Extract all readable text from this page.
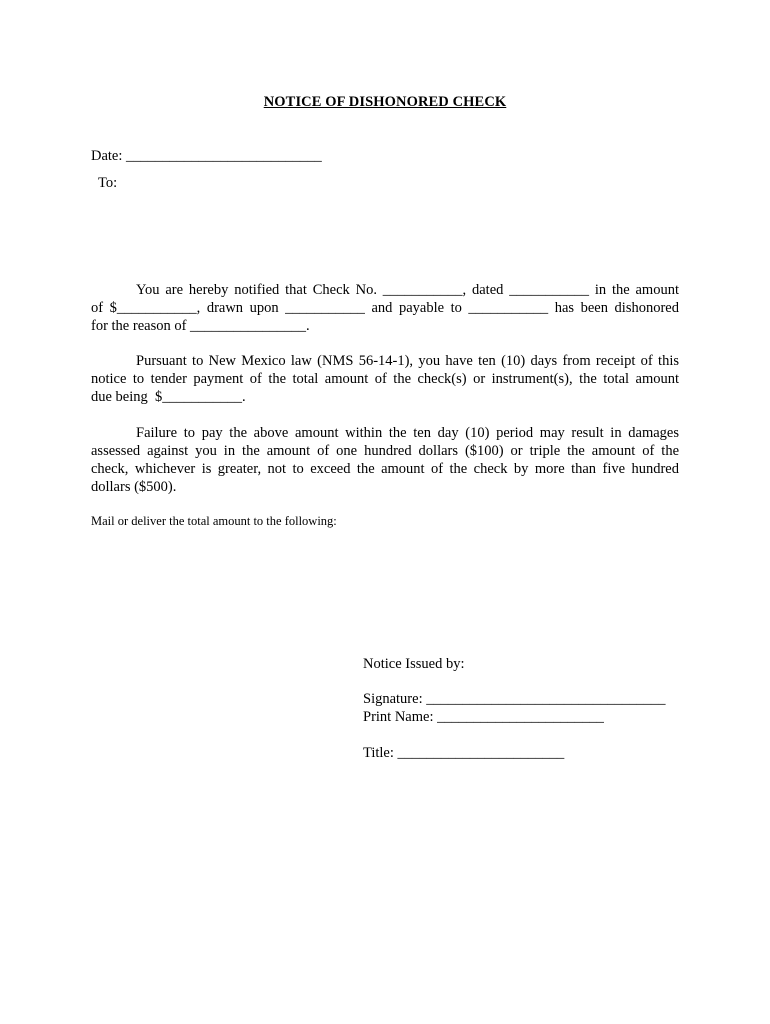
NOTICE OF DISHONORED CHECK
Date: ___________________________
To:
You are hereby notified that Check No. ___________, dated ___________ in the amount
of $___________, drawn upon ___________ and payable to ___________ has been dishonored
for the reason of ________________.
Pursuant to New Mexico law (NMS 56-14-1), you have ten (10) days from receipt of this
notice to tender payment of the total amount of the check(s) or instrument(s), the total amount
due being  $___________.
Failure to pay the above amount within the ten day (10) period may result in damages
assessed against you in the amount of one hundred dollars ($100) or triple the amount of the
check, whichever is greater, not to exceed the amount of the check by more than five hundred
dollars ($500).
Mail or deliver the total amount to the following:
Notice Issued by:
Signature: _________________________________
Print Name: _______________________
Title: _______________________
